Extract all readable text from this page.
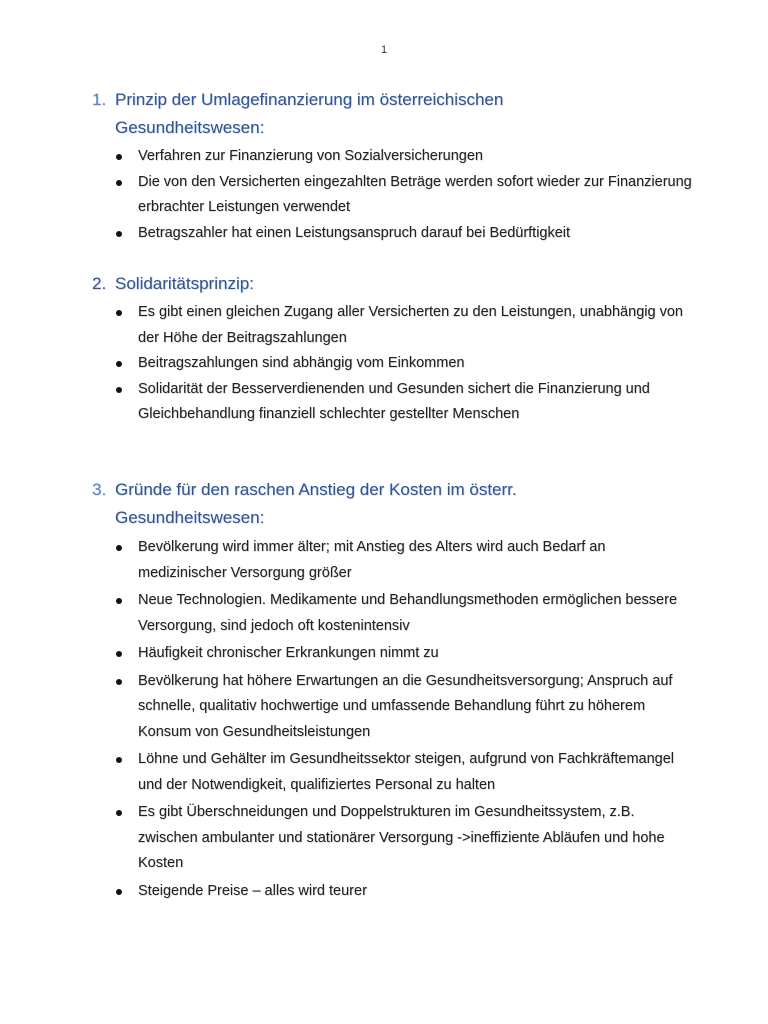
1
1. Prinzip der Umlagefinanzierung im österreichischen
Gesundheitswesen:
Verfahren zur Finanzierung von Sozialversicherungen
Die von den Versicherten eingezahlten Beträge werden sofort wieder zur Finanzierung erbrachter Leistungen verwendet
Betragszahler hat einen Leistungsanspruch darauf bei Bedürftigkeit
2. Solidaritätsprinzip:
Es gibt einen gleichen Zugang aller Versicherten zu den Leistungen, unabhängig von der Höhe der Beitragszahlungen
Beitragszahlungen sind abhängig vom Einkommen
Solidarität der Besserverdienenden und Gesunden sichert die Finanzierung und Gleichbehandlung finanziell schlechter gestellter Menschen
3. Gründe für den raschen Anstieg der Kosten im österr.
Gesundheitswesen:
Bevölkerung wird immer älter; mit Anstieg des Alters wird auch Bedarf an medizinischer Versorgung größer
Neue Technologien. Medikamente und Behandlungsmethoden ermöglichen bessere Versorgung, sind jedoch oft kostenintensiv
Häufigkeit chronischer Erkrankungen nimmt zu
Bevölkerung hat höhere Erwartungen an die Gesundheitsversorgung; Anspruch auf schnelle, qualitativ hochwertige und umfassende Behandlung führt zu höherem Konsum von Gesundheitsleistungen
Löhne und Gehälter im Gesundheitssektor steigen, aufgrund von Fachkräftemangel und der Notwendigkeit, qualifiziertes Personal zu halten
Es gibt Überschneidungen und Doppelstrukturen im Gesundheitssystem, z.B. zwischen ambulanter und stationärer Versorgung ->ineffiziente Abläufen und hohe Kosten
Steigende Preise – alles wird teurer
